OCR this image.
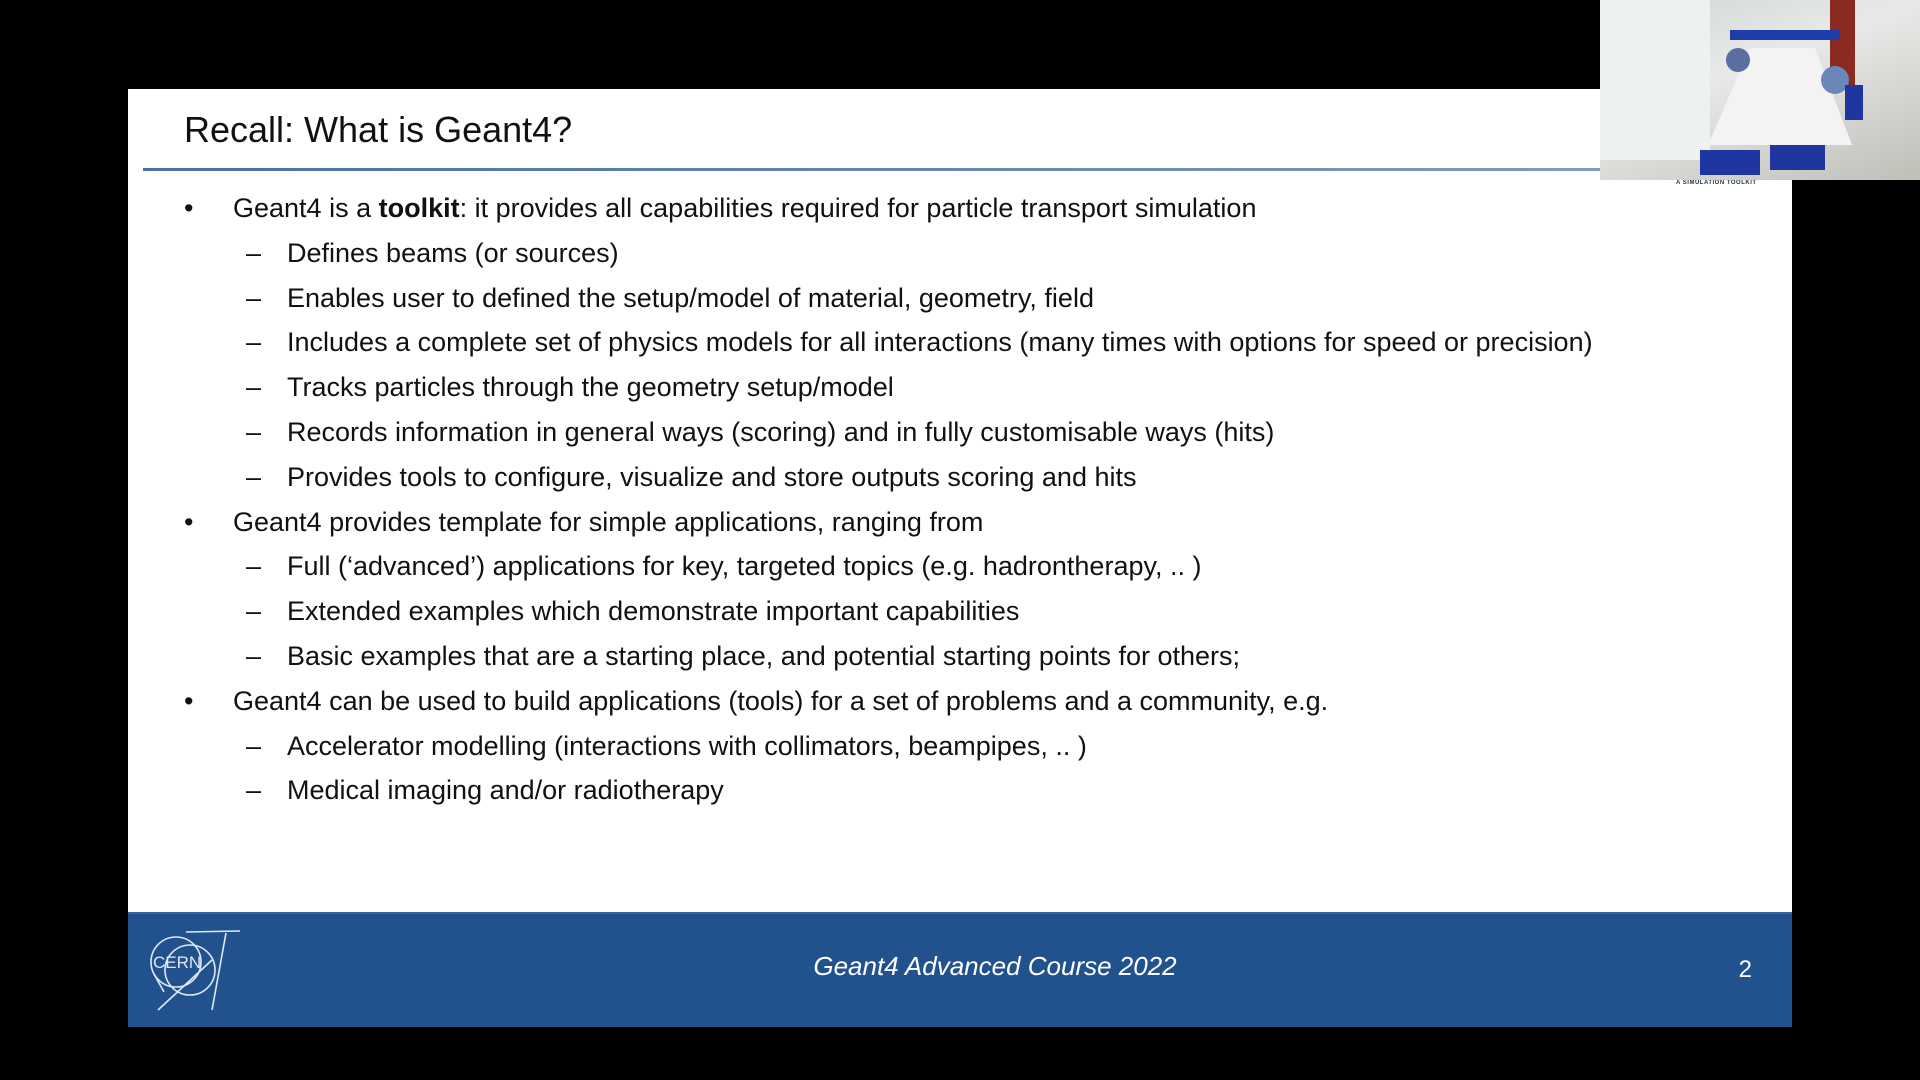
Recall: What is Geant4?
A SIMULATION TOOLKIT
• Geant4 is a toolkit: it provides all capabilities required for particle transport simulation
– Defines beams (or sources)
– Enables user to defined the setup/model of material, geometry, field
– Includes a complete set of physics models for all interactions (many times with options for speed or precision)
– Tracks particles through the geometry setup/model
– Records information in general ways (scoring) and in fully customisable ways (hits)
– Provides tools to configure, visualize and store outputs scoring and hits
• Geant4 provides template for simple applications, ranging from
– Full (‘advanced’) applications for key, targeted topics (e.g. hadrontherapy, .. )
– Extended examples which demonstrate important capabilities
– Basic examples that are a starting place, and potential starting points for others;
• Geant4 can be used to build applications (tools) for a set of problems and a community, e.g.
– Accelerator modelling (interactions with collimators, beampipes, .. )
– Medical imaging and/or radiotherapy
CERN	Geant4 Advanced Course 2022	2
